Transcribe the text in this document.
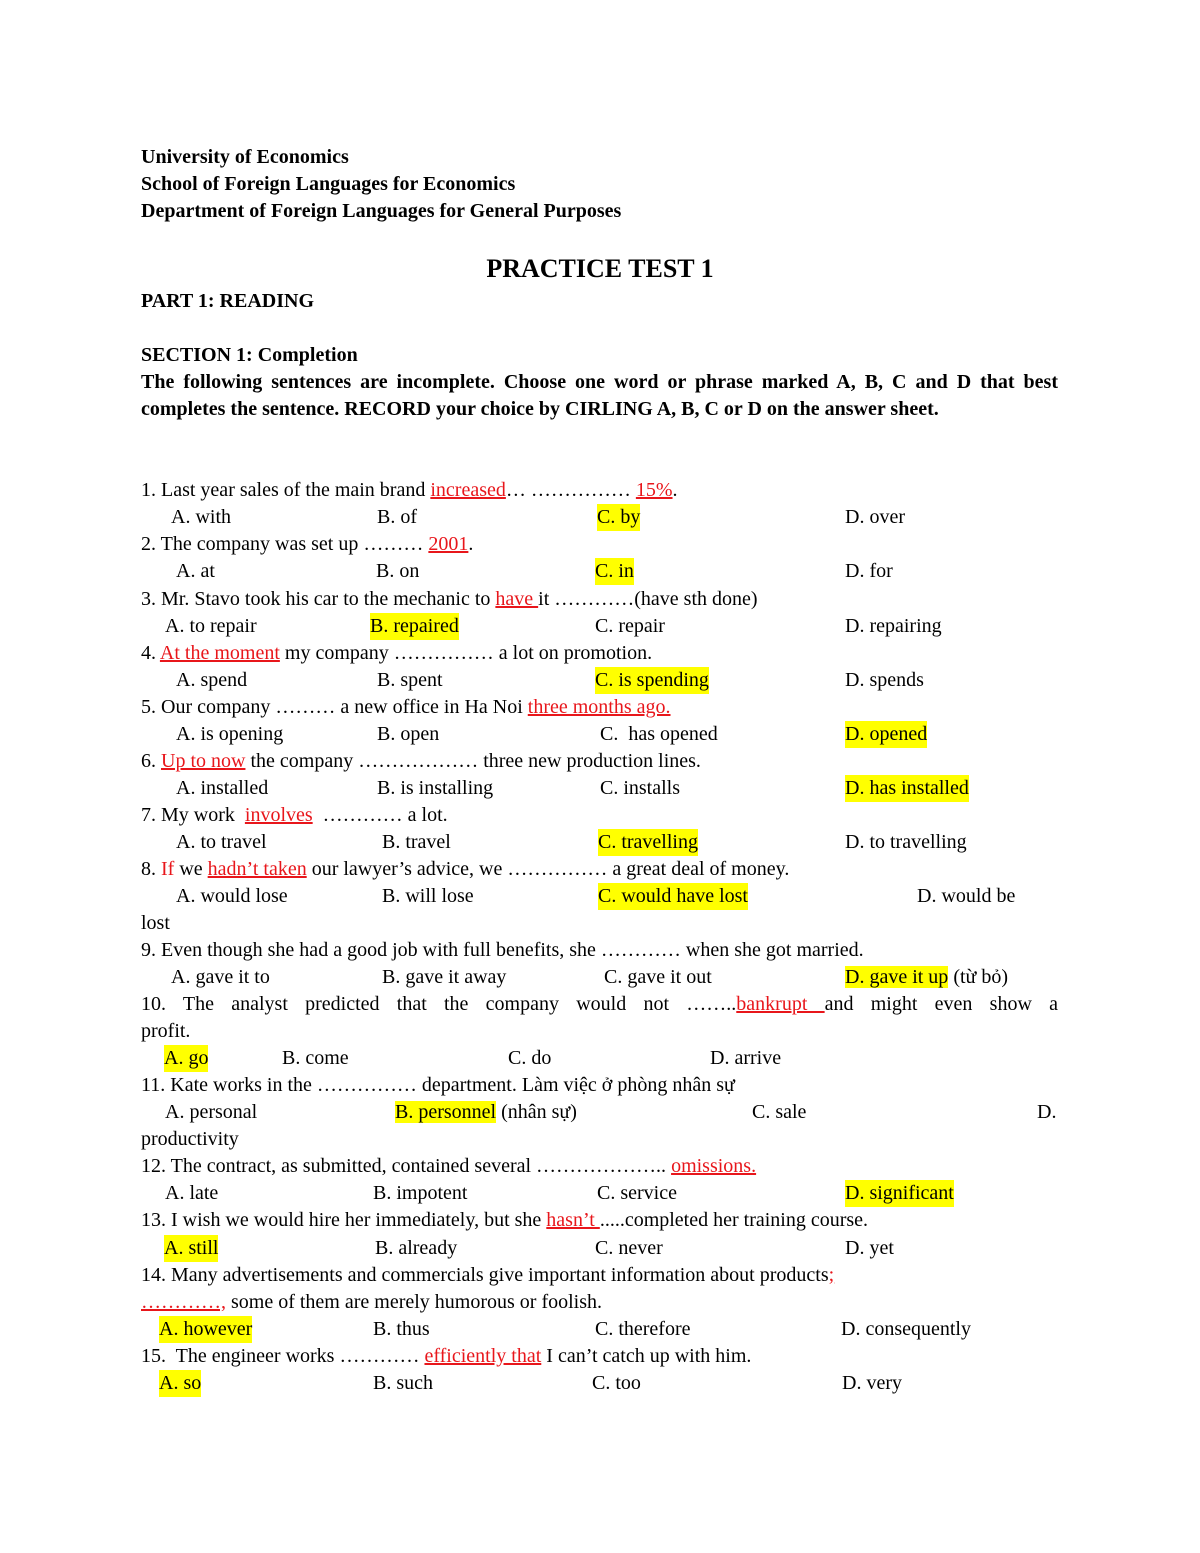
University of Economics
School of Foreign Languages for Economics
Department of Foreign Languages for General Purposes
PRACTICE TEST 1
PART 1: READING
SECTION 1: Completion
The following sentences are incomplete. Choose one word or phrase marked A, B, C and D that best completes the sentence. RECORD your choice by CIRLING A, B, C or D on the answer sheet.
1. Last year sales of the main brand increased… …………… 15%.
A. with	B. of	C. by	D. over
2. The company was set up ……… 2001.
A. at	B. on	C. in	D. for
3. Mr. Stavo took his car to the mechanic to have it …………(have sth done)
A. to repair	B. repaired	C. repair	D. repairing
4. At the moment my company …………… a lot on promotion.
A. spend	B. spent	C. is spending	D. spends
5. Our company ……… a new office in Ha Noi three months ago.
A. is opening	B. open	C.  has opened	D. opened
6. Up to now the company ……………… three new production lines.
A. installed	B. is installing	C. installs	D. has installed
7. My work  involves  ………… a lot.
A. to travel	B. travel	C. travelling	D. to travelling
8. If we hadn’t taken our lawyer’s advice, we …………… a great deal of money.
A. would lose	B. will lose	C. would have lost	D. would be
lost
9. Even though she had a good job with full benefits, she ………… when she got married.
A. gave it to	B. gave it away	C. gave it out	D. gave it up (từ bỏ)
10. The analyst predicted that the company would not ……..bankrupt and might even show a
profit.
A. go	B. come	C. do	D. arrive
11. Kate works in the …………… department. Làm việc ở phòng nhân sự
A. personal	B. personnel (nhân sự)	C. sale	D.
productivity
12. The contract, as submitted, contained several ……………….. omissions.
A. late	B. impotent	C. service	D. significant
13. I wish we would hire her immediately, but she hasn’t .....completed her training course.
A. still	B. already	C. never	D. yet
14. Many advertisements and commercials give important information about products;
…………, some of them are merely humorous or foolish.
A. however	B. thus	C. therefore	D. consequently
15.  The engineer works ………… efficiently that I can’t catch up with him.
A. so	B. such	C. too	D. very
